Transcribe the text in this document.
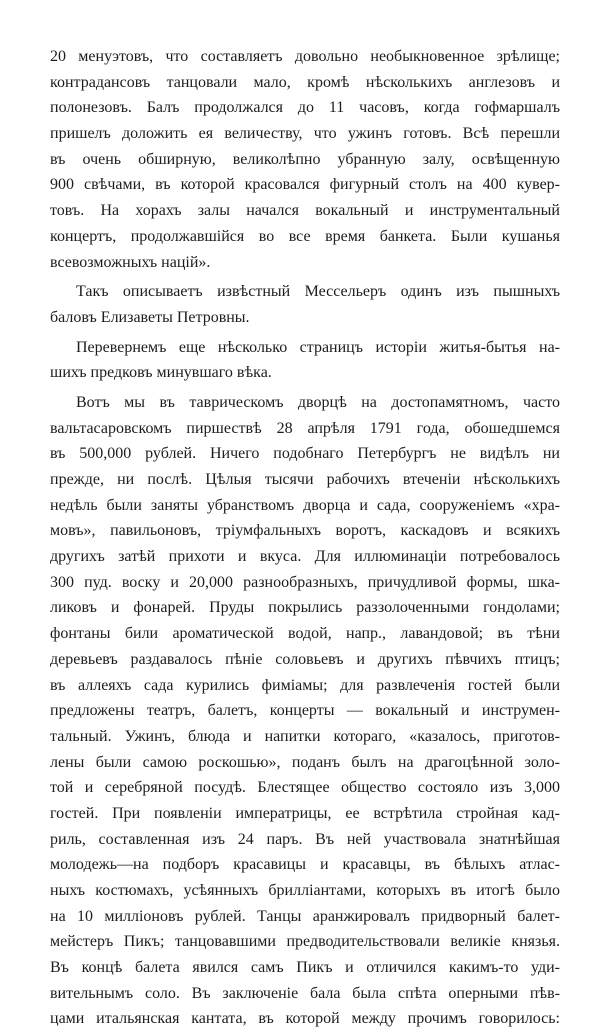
20 менуэтовъ, что составляетъ довольно необыкновенное зрѣлище;
контрадансовъ танцовали мало, кромѣ нѣсколькихъ англезовъ и
полонезовъ. Балъ продолжался до 11 часовъ, когда гофмаршалъ
пришелъ доложить ея величеству, что ужинъ готовъ. Всѣ перешли
въ очень обширную, великолѣпно убранную залу, освѣщенную
900 свѣчами, въ которой красовался фигурный столъ на 400 кувер-
товъ. На хорахъ залы начался вокальный и инструментальный
концертъ, продолжавшійся во все время банкета. Были кушанья
всевозможныхъ націй».
Такъ описываетъ извѣстный Мессельеръ одинъ изъ пышныхъ
баловъ Елизаветы Петровны.
Перевернемъ еще нѣсколько страницъ исторіи житья-бытья на-
шихъ предковъ минувшаго вѣка.
Вотъ мы въ таврическомъ дворцѣ на достопамятномъ, часто
вальтасаровскомъ пиршествѣ 28 апрѣля 1791 года, обошедшемся
въ 500,000 рублей. Ничего подобнаго Петербургъ не видѣлъ ни
прежде, ни послѣ. Цѣлыя тысячи рабочихъ втеченіи нѣсколькихъ
недѣль были заняты убранствомъ дворца и сада, сооруженіемъ «хра-
мовъ», павильоновъ, тріумфальныхъ воротъ, каскадовъ и всякихъ
другихъ затѣй прихоти и вкуса. Для иллюминаціи потребовалось
300 пуд. воску и 20,000 разнообразныхъ, причудливой формы, шка-
ликовъ и фонарей. Пруды покрылись раззолоченными гондолами;
фонтаны били ароматической водой, напр., лавандовой; въ тѣни
деревьевъ раздавалось пѣніе соловьевъ и другихъ пѣвчихъ птицъ;
въ аллеяхъ сада курились фиміамы; для развлеченія гостей были
предложены театръ, балетъ, концерты — вокальный и инструмен-
тальный. Ужинъ, блюда и напитки котораго, «казалось, приготов-
лены были самою роскошью», поданъ былъ на драгоцѣнной золо-
той и серебряной посудѣ. Блестящее общество состояло изъ 3,000
гостей. При появленіи императрицы, ее встрѣтила стройная кад-
риль, составленная изъ 24 паръ. Въ ней участвовала знатнѣйшая
молодежь—на подборъ красавицы и красавцы, въ бѣлыхъ атлас-
ныхъ костюмахъ, усѣянныхъ брилліантами, которыхъ въ итогѣ было
на 10 милліоновъ рублей. Танцы аранжировалъ придворный балет-
мейстеръ Пикъ; танцовавшими предводительствовали великіе князья.
Въ концѣ балета явился самъ Пикъ и отличился какимъ-то уди-
вительнымъ соло. Въ заключеніе бала была спѣта оперными пѣв-
цами итальянская кантата, въ которой между прочимъ говорилось:
